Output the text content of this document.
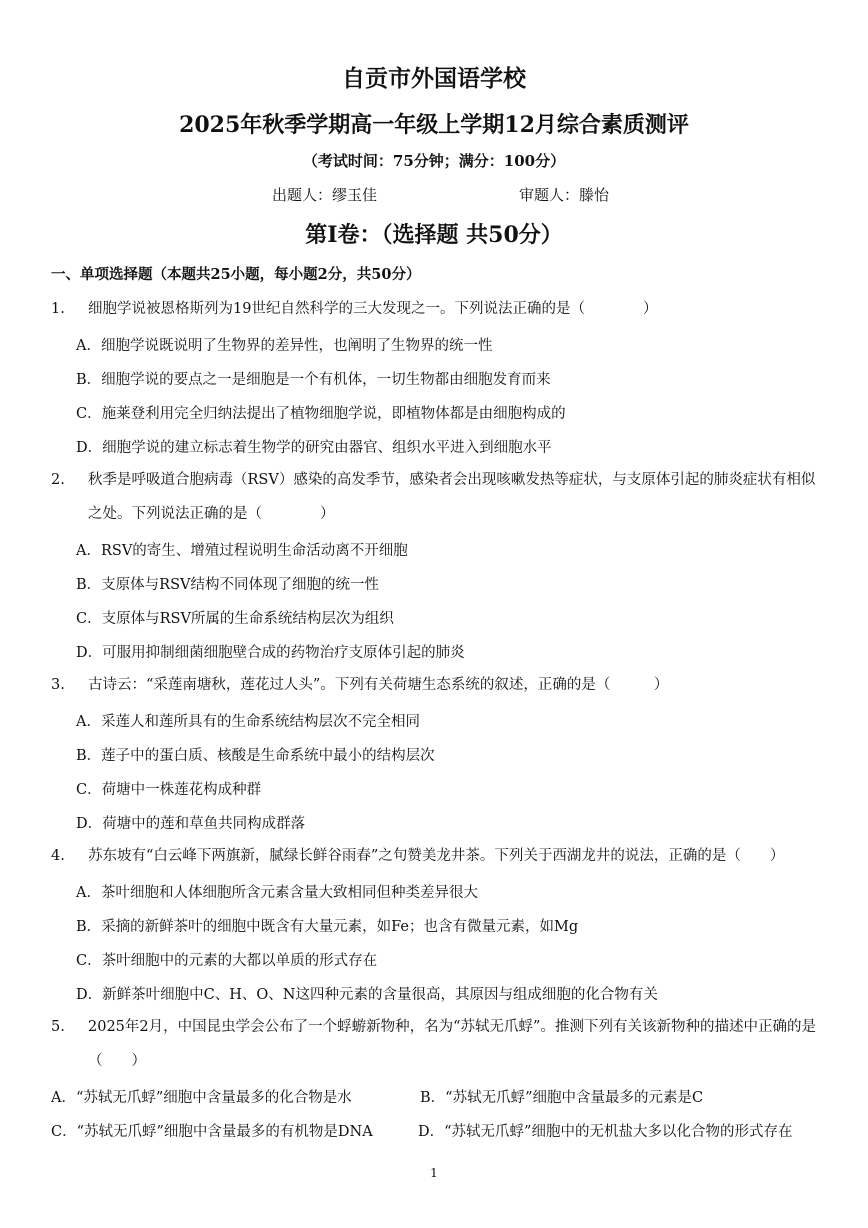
自贡市外国语学校
2025年秋季学期高一年级上学期12月综合素质测评
（考试时间：75分钟；满分：100分）
出题人：缪玉佳	审题人：滕怡
第Ⅰ卷：（选择题 共50分）
一、单项选择题（本题共25小题，每小题2分，共50分）
1. 细胞学说被恩格斯列为19世纪自然科学的三大发现之一。下列说法正确的是（　　　　）
A．细胞学说既说明了生物界的差异性，也阐明了生物界的统一性
B．细胞学说的要点之一是细胞是一个有机体，一切生物都由细胞发育而来
C．施莱登利用完全归纳法提出了植物细胞学说，即植物体都是由细胞构成的
D．细胞学说的建立标志着生物学的研究由器官、组织水平进入到细胞水平
2. 秋季是呼吸道合胞病毒（RSV）感染的高发季节，感染者会出现咳嗽发热等症状，与支原体引起的肺炎症状有相似之处。下列说法正确的是（　　　　）
A．RSV的寄生、增殖过程说明生命活动离不开细胞
B．支原体与RSV结构不同体现了细胞的统一性
C．支原体与RSV所属的生命系统结构层次为组织
D．可服用抑制细菌细胞壁合成的药物治疗支原体引起的肺炎
3. 古诗云：“采莲南塘秋，莲花过人头”。下列有关荷塘生态系统的叙述，正确的是（　　　）
A．采莲人和莲所具有的生命系统结构层次不完全相同
B．莲子中的蛋白质、核酸是生命系统中最小的结构层次
C．荷塘中一株莲花构成种群
D．荷塘中的莲和草鱼共同构成群落
4. 苏东坡有“白云峰下两旗新，腻绿长鲜谷雨春”之句赞美龙井茶。下列关于西湖龙井的说法，正确的是（　　）
A．茶叶细胞和人体细胞所含元素含量大致相同但种类差异很大
B．采摘的新鲜茶叶的细胞中既含有大量元素，如Fe；也含有微量元素，如Mg
C．茶叶细胞中的元素的大都以单质的形式存在
D．新鲜茶叶细胞中C、H、O、N这四种元素的含量很高，其原因与组成细胞的化合物有关
5. 2025年2月，中国昆虫学会公布了一个蜉蝣新物种，名为“苏轼无爪蜉”。推测下列有关该新物种的描述中正确的是（　　）
A．“苏轼无爪蜉”细胞中含量最多的化合物是水	B．“苏轼无爪蜉”细胞中含量最多的元素是C
C．“苏轼无爪蜉”细胞中含量最多的有机物是DNA	D．“苏轼无爪蜉”细胞中的无机盐大多以化合物的形式存在
1
